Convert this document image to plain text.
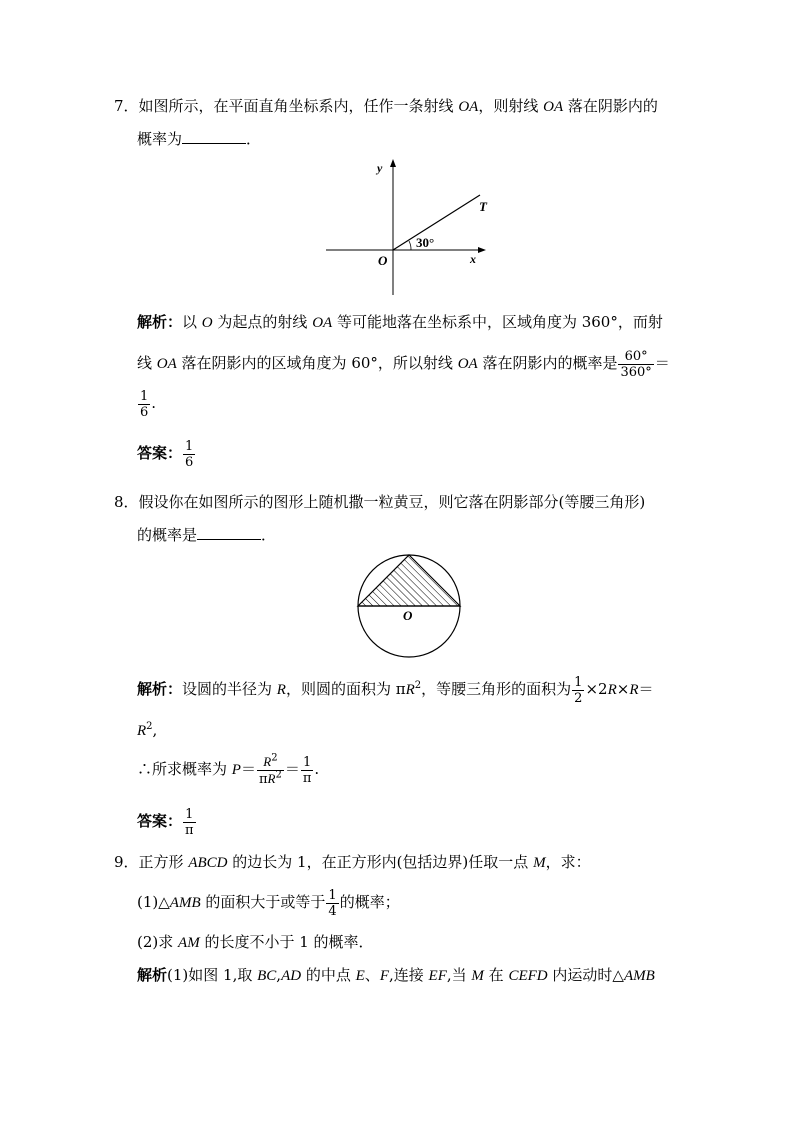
7．如图所示，在平面直角坐标系内，任作一条射线 OA，则射线 OA 落在阴影内的
概率为	．
y
x
O
T
30°
解析：以 O 为起点的射线 OA 等可能地落在坐标系中，区域角度为 360°，而射
线 OA 落在阴影内的区域角度为 60°，所以射线 OA 落在阴影内的概率是 $\frac{60^\circ}{360^\circ}$ ＝
$\frac{1}{6}$ .
答案： $\frac{1}{6}$
8．假设你在如图所示的图形上随机撒一粒黄豆，则它落在阴影部分(等腰三角形)
的概率是	．
O
解析：设圆的半径为 R，则圆的面积为 $\pi R^2$，等腰三角形的面积为 $\frac{1}{2} \times 2R\times R=$
$R^2$,
∴所求概率为 $P= \frac{R^2}{\pi R^2} = \frac{1}{\pi}$ .
答案： $\frac{1}{\pi}$
9．正方形 ABCD 的边长为 1，在正方形内(包括边界)任取一点 M，求：
(1)△AMB 的面积大于或等于 $\frac{1}{4}$ 的概率；
(2)求 AM 的长度不小于 1 的概率．
解析(1)如图 1,取 BC,AD 的中点 E、F,连接 EF,当 M 在 CEFD 内运动时△AMB
